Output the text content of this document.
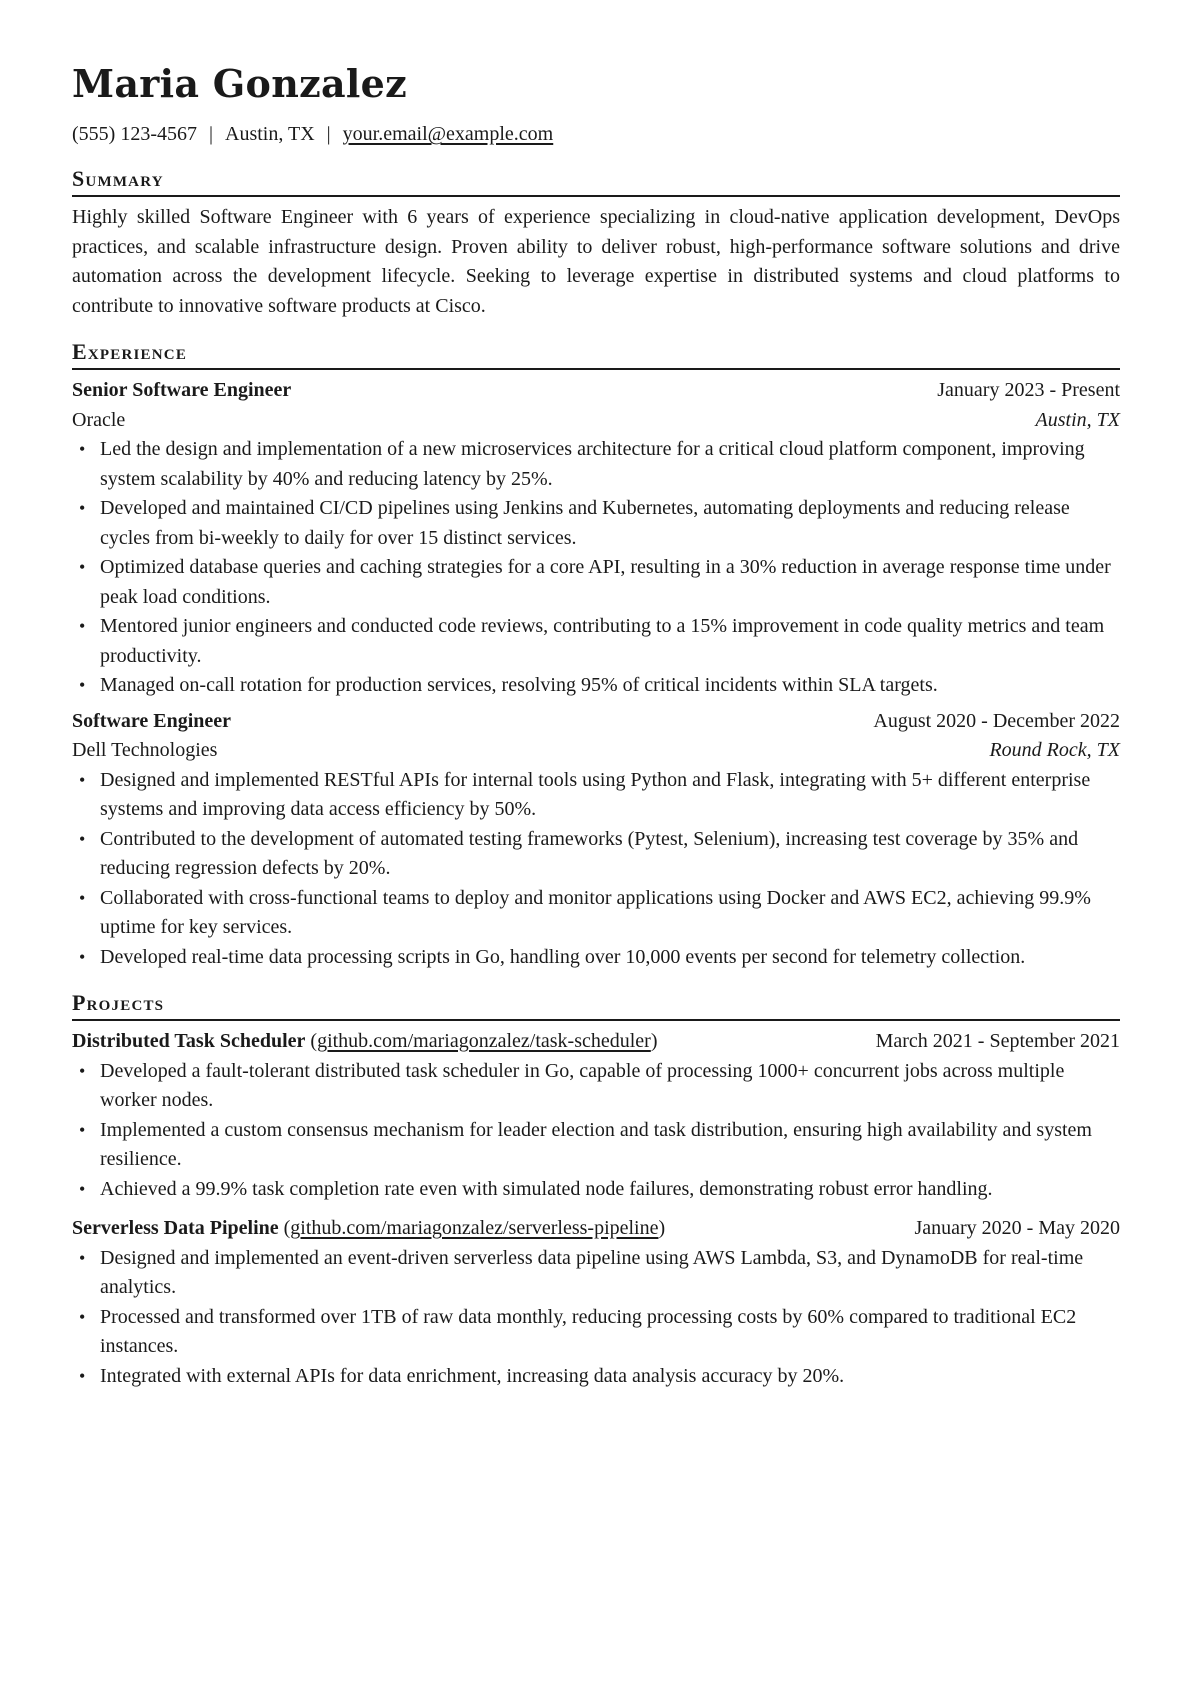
Maria Gonzalez
(555) 123-4567 | Austin, TX | your.email@example.com
Summary
Highly skilled Software Engineer with 6 years of experience specializing in cloud-native application development, DevOps practices, and scalable infrastructure design. Proven ability to deliver robust, high-performance software solutions and drive automation across the development lifecycle. Seeking to leverage expertise in distributed systems and cloud platforms to contribute to innovative software products at Cisco.
Experience
Senior Software Engineer	January 2023 - Present
Oracle	Austin, TX
• Led the design and implementation of a new microservices architecture for a critical cloud platform component, improving system scalability by 40% and reducing latency by 25%.
• Developed and maintained CI/CD pipelines using Jenkins and Kubernetes, automating deployments and reducing release cycles from bi-weekly to daily for over 15 distinct services.
• Optimized database queries and caching strategies for a core API, resulting in a 30% reduction in average response time under peak load conditions.
• Mentored junior engineers and conducted code reviews, contributing to a 15% improvement in code quality metrics and team productivity.
• Managed on-call rotation for production services, resolving 95% of critical incidents within SLA targets.
Software Engineer	August 2020 - December 2022
Dell Technologies	Round Rock, TX
• Designed and implemented RESTful APIs for internal tools using Python and Flask, integrating with 5+ different enterprise systems and improving data access efficiency by 50%.
• Contributed to the development of automated testing frameworks (Pytest, Selenium), increasing test coverage by 35% and reducing regression defects by 20%.
• Collaborated with cross-functional teams to deploy and monitor applications using Docker and AWS EC2, achieving 99.9% uptime for key services.
• Developed real-time data processing scripts in Go, handling over 10,000 events per second for telemetry collection.
Projects
Distributed Task Scheduler (github.com/mariagonzalez/task-scheduler)	March 2021 - September 2021
• Developed a fault-tolerant distributed task scheduler in Go, capable of processing 1000+ concurrent jobs across multiple worker nodes.
• Implemented a custom consensus mechanism for leader election and task distribution, ensuring high availability and system resilience.
• Achieved a 99.9% task completion rate even with simulated node failures, demonstrating robust error handling.
Serverless Data Pipeline (github.com/mariagonzalez/serverless-pipeline)	January 2020 - May 2020
• Designed and implemented an event-driven serverless data pipeline using AWS Lambda, S3, and DynamoDB for real-time analytics.
• Processed and transformed over 1TB of raw data monthly, reducing processing costs by 60% compared to traditional EC2 instances.
• Integrated with external APIs for data enrichment, increasing data analysis accuracy by 20%.
